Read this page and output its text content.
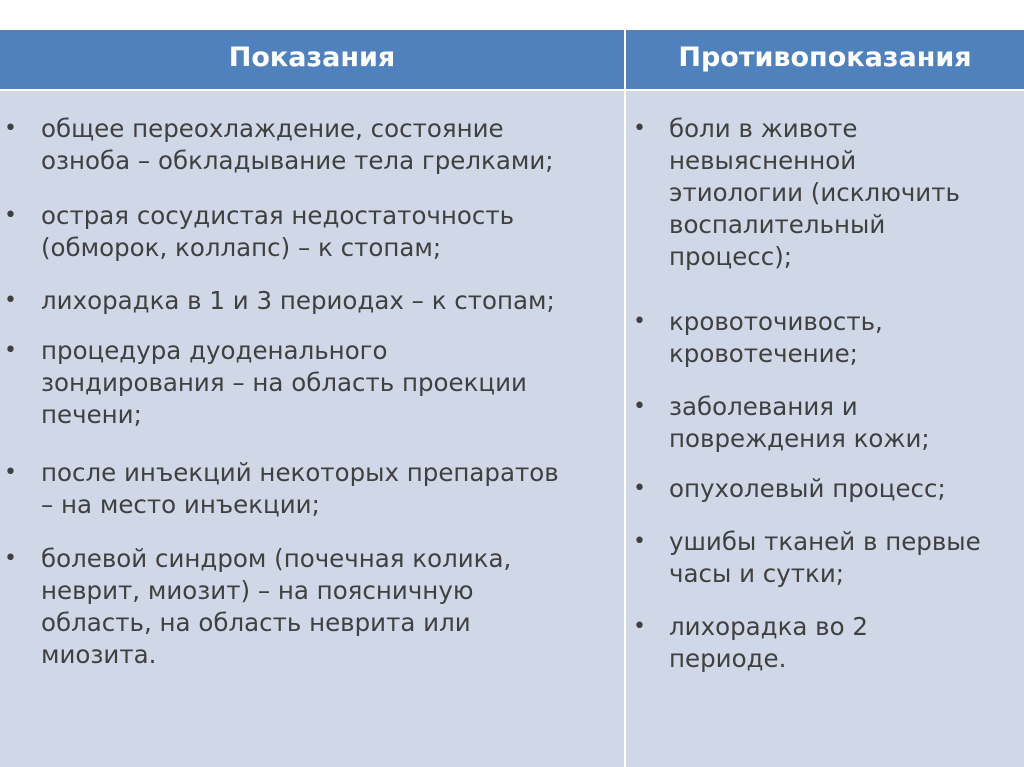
Показания	Противопоказания
• общее переохлаждение, состояние
озноба – обкладывание тела грелками;
• острая сосудистая недостаточность
(обморок, коллапс) – к стопам;
• лихорадка в 1 и 3 периодах – к стопам;
• процедура дуоденального
зондирования – на область проекции
печени;
• после инъекций некоторых препаратов
– на место инъекции;
• болевой синдром (почечная колика,
неврит, миозит) – на поясничную
область, на область неврита или
миозита.
• боли в животе
невыясненной
этиологии (исключить
воспалительный
процесс);
• кровоточивость,
кровотечение;
• заболевания и
повреждения кожи;
• опухолевый процесс;
• ушибы тканей в первые
часы и сутки;
• лихорадка во 2
периоде.
